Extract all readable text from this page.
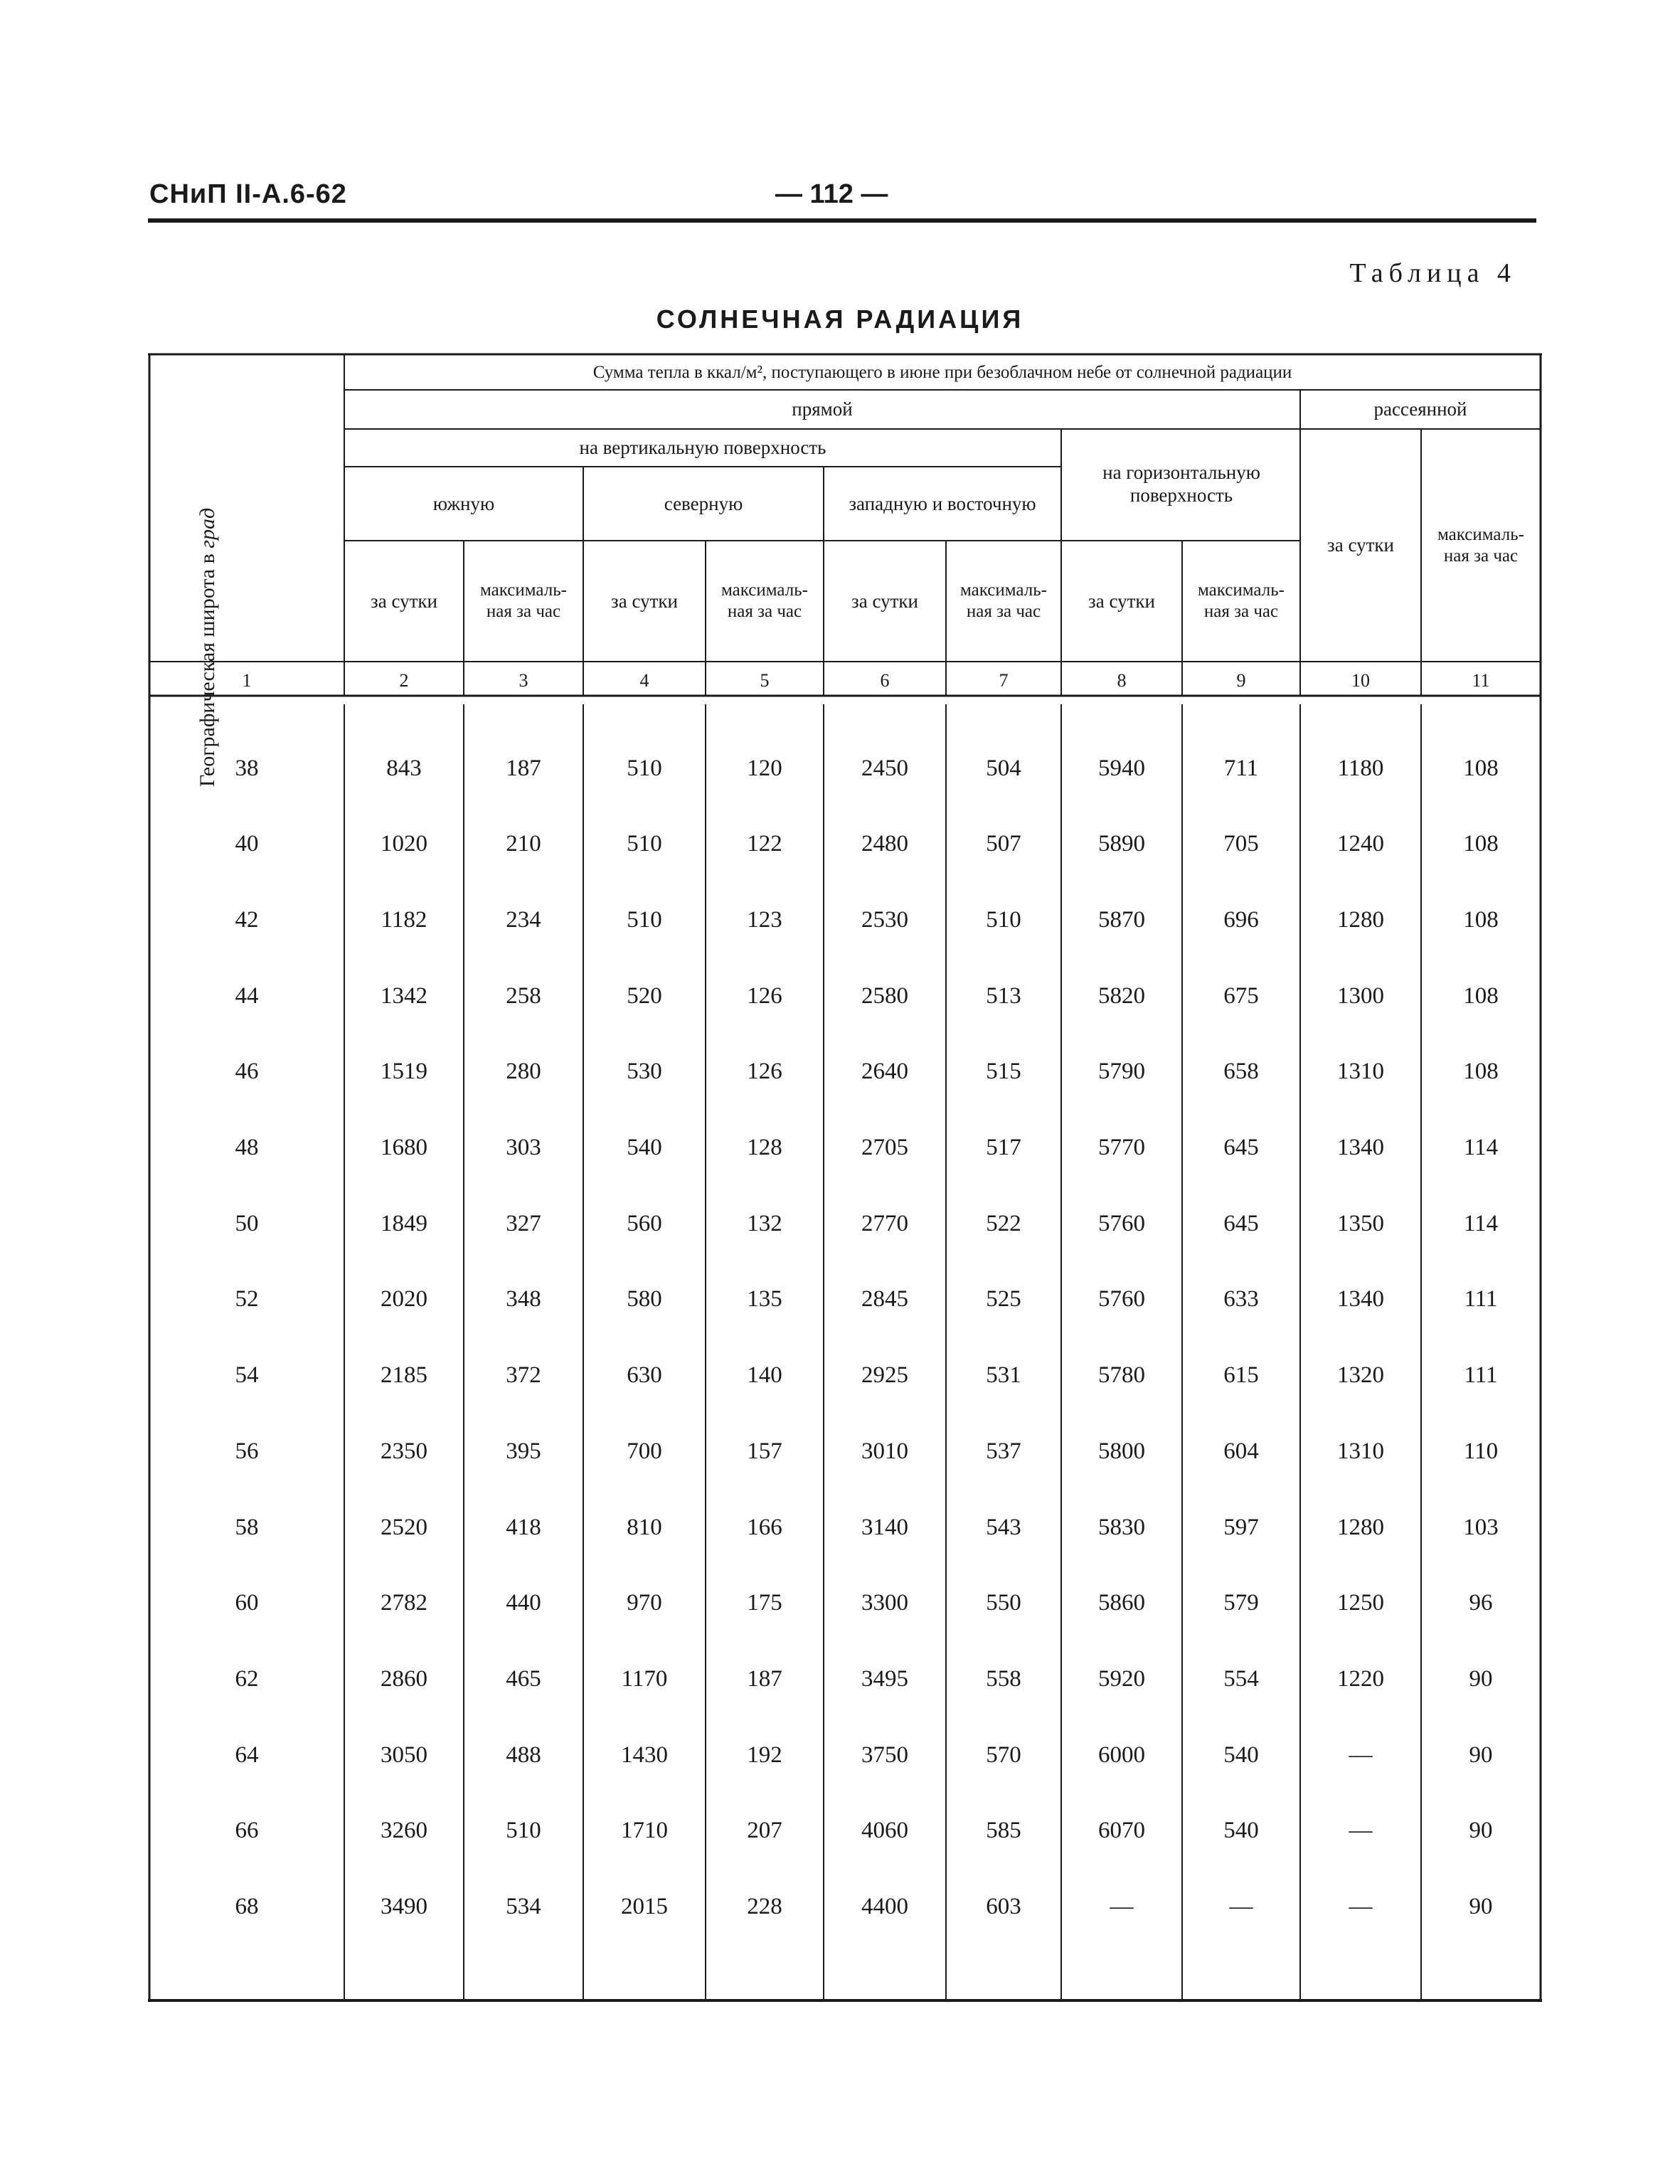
СНиП II-А.6-62	— 112 —
Таблица 4
СОЛНЕЧНАЯ РАДИАЦИЯ
Географическая широта в град
Сумма тепла в ккал/м², поступающего в июне при безоблачном небе от солнечной радиации
прямой	рассеянной
на вертикальную поверхность
на горизонтальную поверхность
южную	северную	западную и восточную
за сутки
максималь- ная за час	за сутки
максималь- ная за час	за сутки
максималь- ная за час	за сутки
максималь- ная за час
за сутки
максималь- ная за час
1	2	3	4	5	6	7	8	9	10	11
38	843	187	510	120	2450	504	5940	711	1180	108
40	1020	210	510	122	2480	507	5890	705	1240	108
42	1182	234	510	123	2530	510	5870	696	1280	108
44	1342	258	520	126	2580	513	5820	675	1300	108
46	1519	280	530	126	2640	515	5790	658	1310	108
48	1680	303	540	128	2705	517	5770	645	1340	114
50	1849	327	560	132	2770	522	5760	645	1350	114
52	2020	348	580	135	2845	525	5760	633	1340	111
54	2185	372	630	140	2925	531	5780	615	1320	111
56	2350	395	700	157	3010	537	5800	604	1310	110
58	2520	418	810	166	3140	543	5830	597	1280	103
60	2782	440	970	175	3300	550	5860	579	1250	96
62	2860	465	1170	187	3495	558	5920	554	1220	90
64	3050	488	1430	192	3750	570	6000	540	—	90
66	3260	510	1710	207	4060	585	6070	540	—	90
68	3490	534	2015	228	4400	603	—	—	—	90
